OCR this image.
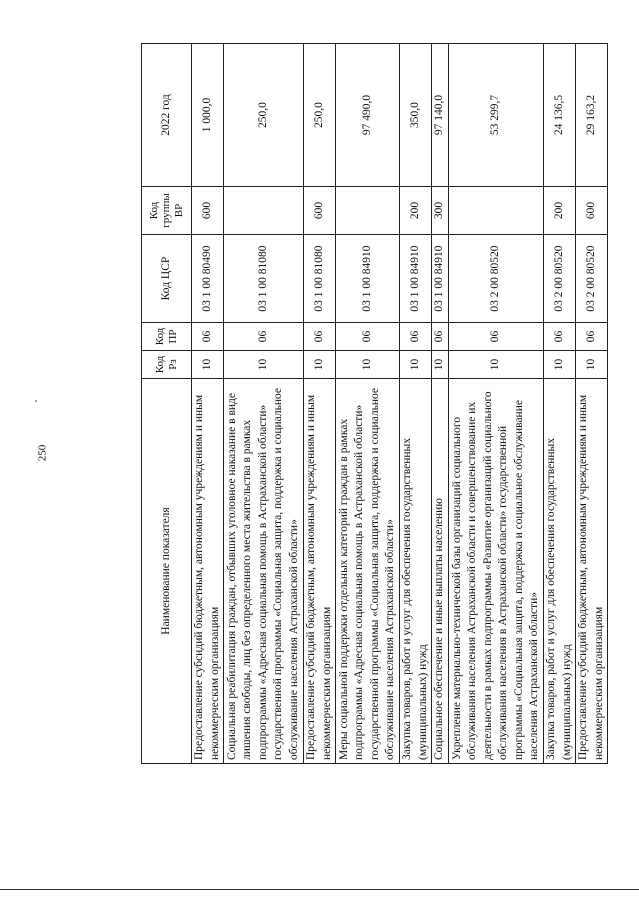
250
Наименование показателя	Код Рз	Код ПР	Код ЦСР	Код группы ВР	2022 год
Предоставление субсидий бюджетным, автономным учреждениям и иным некоммерческим организациям	10	06	03 1 00 80490	600	1 000,0
Социальная реабилитация граждан, отбывших уголовное наказание в виде лишения свободы, лиц без определенного места жительства в рамках подпрограммы «Адресная социальная помощь в Астраханской области» государственной программы «Социальная защита, поддержка и социальное обслуживание населения Астраханской области»	10	06	03 1 00 81080		250,0
Предоставление субсидий бюджетным, автономным учреждениям и иным некоммерческим организациям	10	06	03 1 00 81080	600	250,0
Меры социальной поддержки отдельных категорий граждан в рамках подпрограммы «Адресная социальная помощь в Астраханской области» государственной программы «Социальная защита, поддержка и социальное обслуживание населения Астраханской области»	10	06	03 1 00 84910		97 490,0
Закупка товаров, работ и услуг для обеспечения государственных (муниципальных) нужд	10	06	03 1 00 84910	200	350,0
Социальное обеспечение и иные выплаты населению	10	06	03 1 00 84910	300	97 140,0
Укрепление материально-технической базы организаций социального обслуживания населения Астраханской области и совершенствование их деятельности в рамках подпрограммы «Развитие организаций социального обслуживания населения в Астраханской области» государственной программы «Социальная защита, поддержка и социальное обслуживание населения Астраханской области»	10	06	03 2 00 80520		53 299,7
Закупка товаров, работ и услуг для обеспечения государственных (муниципальных) нужд	10	06	03 2 00 80520	200	24 136,5
Предоставление субсидий бюджетным, автономным учреждениям и иным некоммерческим организациям	10	06	03 2 00 80520	600	29 163,2
